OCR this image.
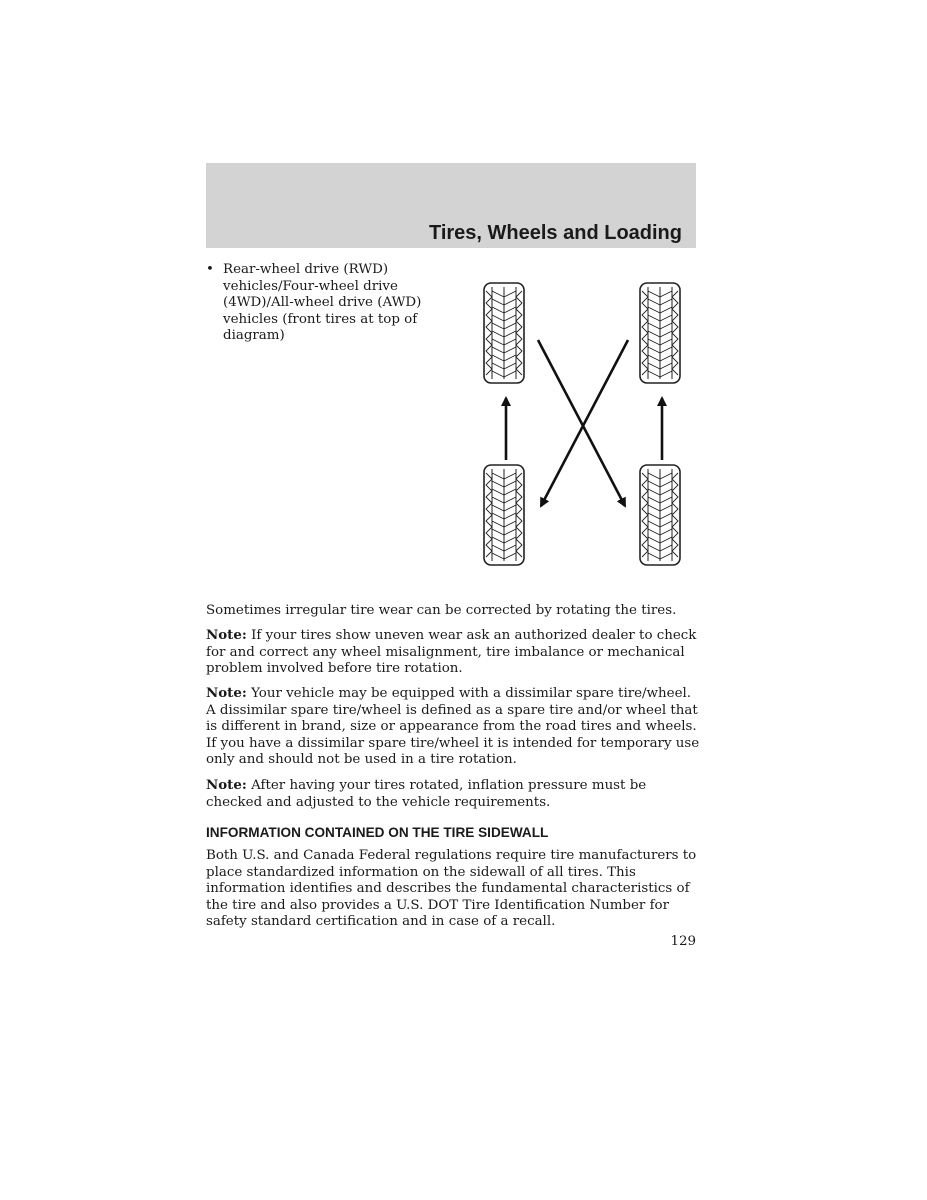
Tires, Wheels and Loading
• Rear-wheel drive (RWD) vehicles/Four-wheel drive (4WD)/All-wheel drive (AWD) vehicles (front tires at top of diagram)
Sometimes irregular tire wear can be corrected by rotating the tires.
Note: If your tires show uneven wear ask an authorized dealer to check for and correct any wheel misalignment, tire imbalance or mechanical problem involved before tire rotation.
Note: Your vehicle may be equipped with a dissimilar spare tire/wheel. A dissimilar spare tire/wheel is defined as a spare tire and/or wheel that is different in brand, size or appearance from the road tires and wheels. If you have a dissimilar spare tire/wheel it is intended for temporary use only and should not be used in a tire rotation.
Note: After having your tires rotated, inflation pressure must be checked and adjusted to the vehicle requirements.
INFORMATION CONTAINED ON THE TIRE SIDEWALL
Both U.S. and Canada Federal regulations require tire manufacturers to place standardized information on the sidewall of all tires. This information identifies and describes the fundamental characteristics of the tire and also provides a U.S. DOT Tire Identification Number for safety standard certification and in case of a recall.
129
